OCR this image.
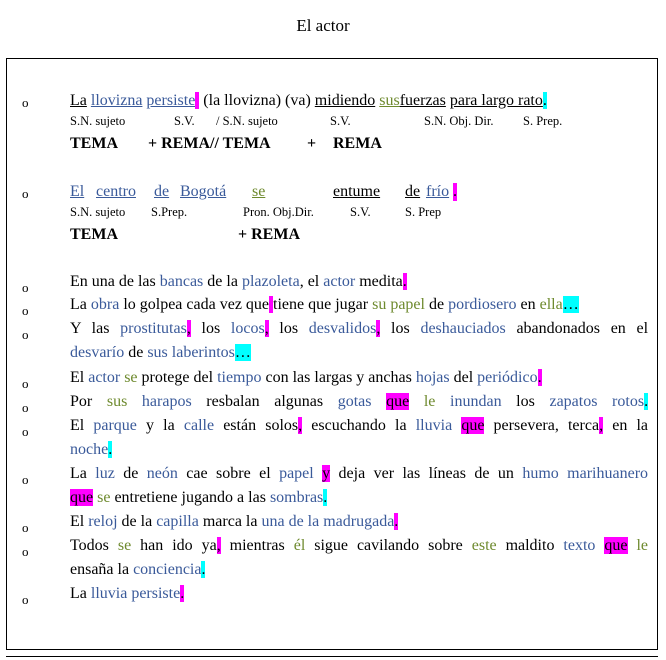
El actor
o	La llovizna persiste  (la llovizna) (va) midiendo susfuerzas para largo rato.
S.N. sujeto	S.V. / S.N. sujeto	S.V.	S.N. Obj. Dir. S. Prep.
TEMA + REMA// TEMA + REMA
o	El centro de Bogotá se	entume de frío .
S.N. sujeto S.Prep.	Pron. Obj.Dir.	S.V.	S. Prep
TEMA	+ REMA
o	En una de las bancas de la plazoleta, el actor medita.
o	La obra lo golpea cada vez que tiene que jugar su papel de pordiosero en ella…
o	Y las prostitutas, los locos, los desvalidos, los deshauciados abandonados en el
desvarío de sus laberintos…
o	El actor se protege del tiempo con las largas y anchas hojas del periódico.
o	Por sus harapos resbalan algunas gotas que le inundan los zapatos rotos.
o	El parque y la calle están solos, escuchando la lluvia que persevera, terca, en la
noche.
o	La luz de neón cae sobre el papel y deja ver las líneas de un humo marihuanero
que se entretiene jugando a las sombras.
o	El reloj de la capilla marca la una de la madrugada.
o	Todos se han ido ya, mientras él sigue cavilando sobre este maldito texto que le
ensaña la conciencia.
o	La lluvia persiste.
